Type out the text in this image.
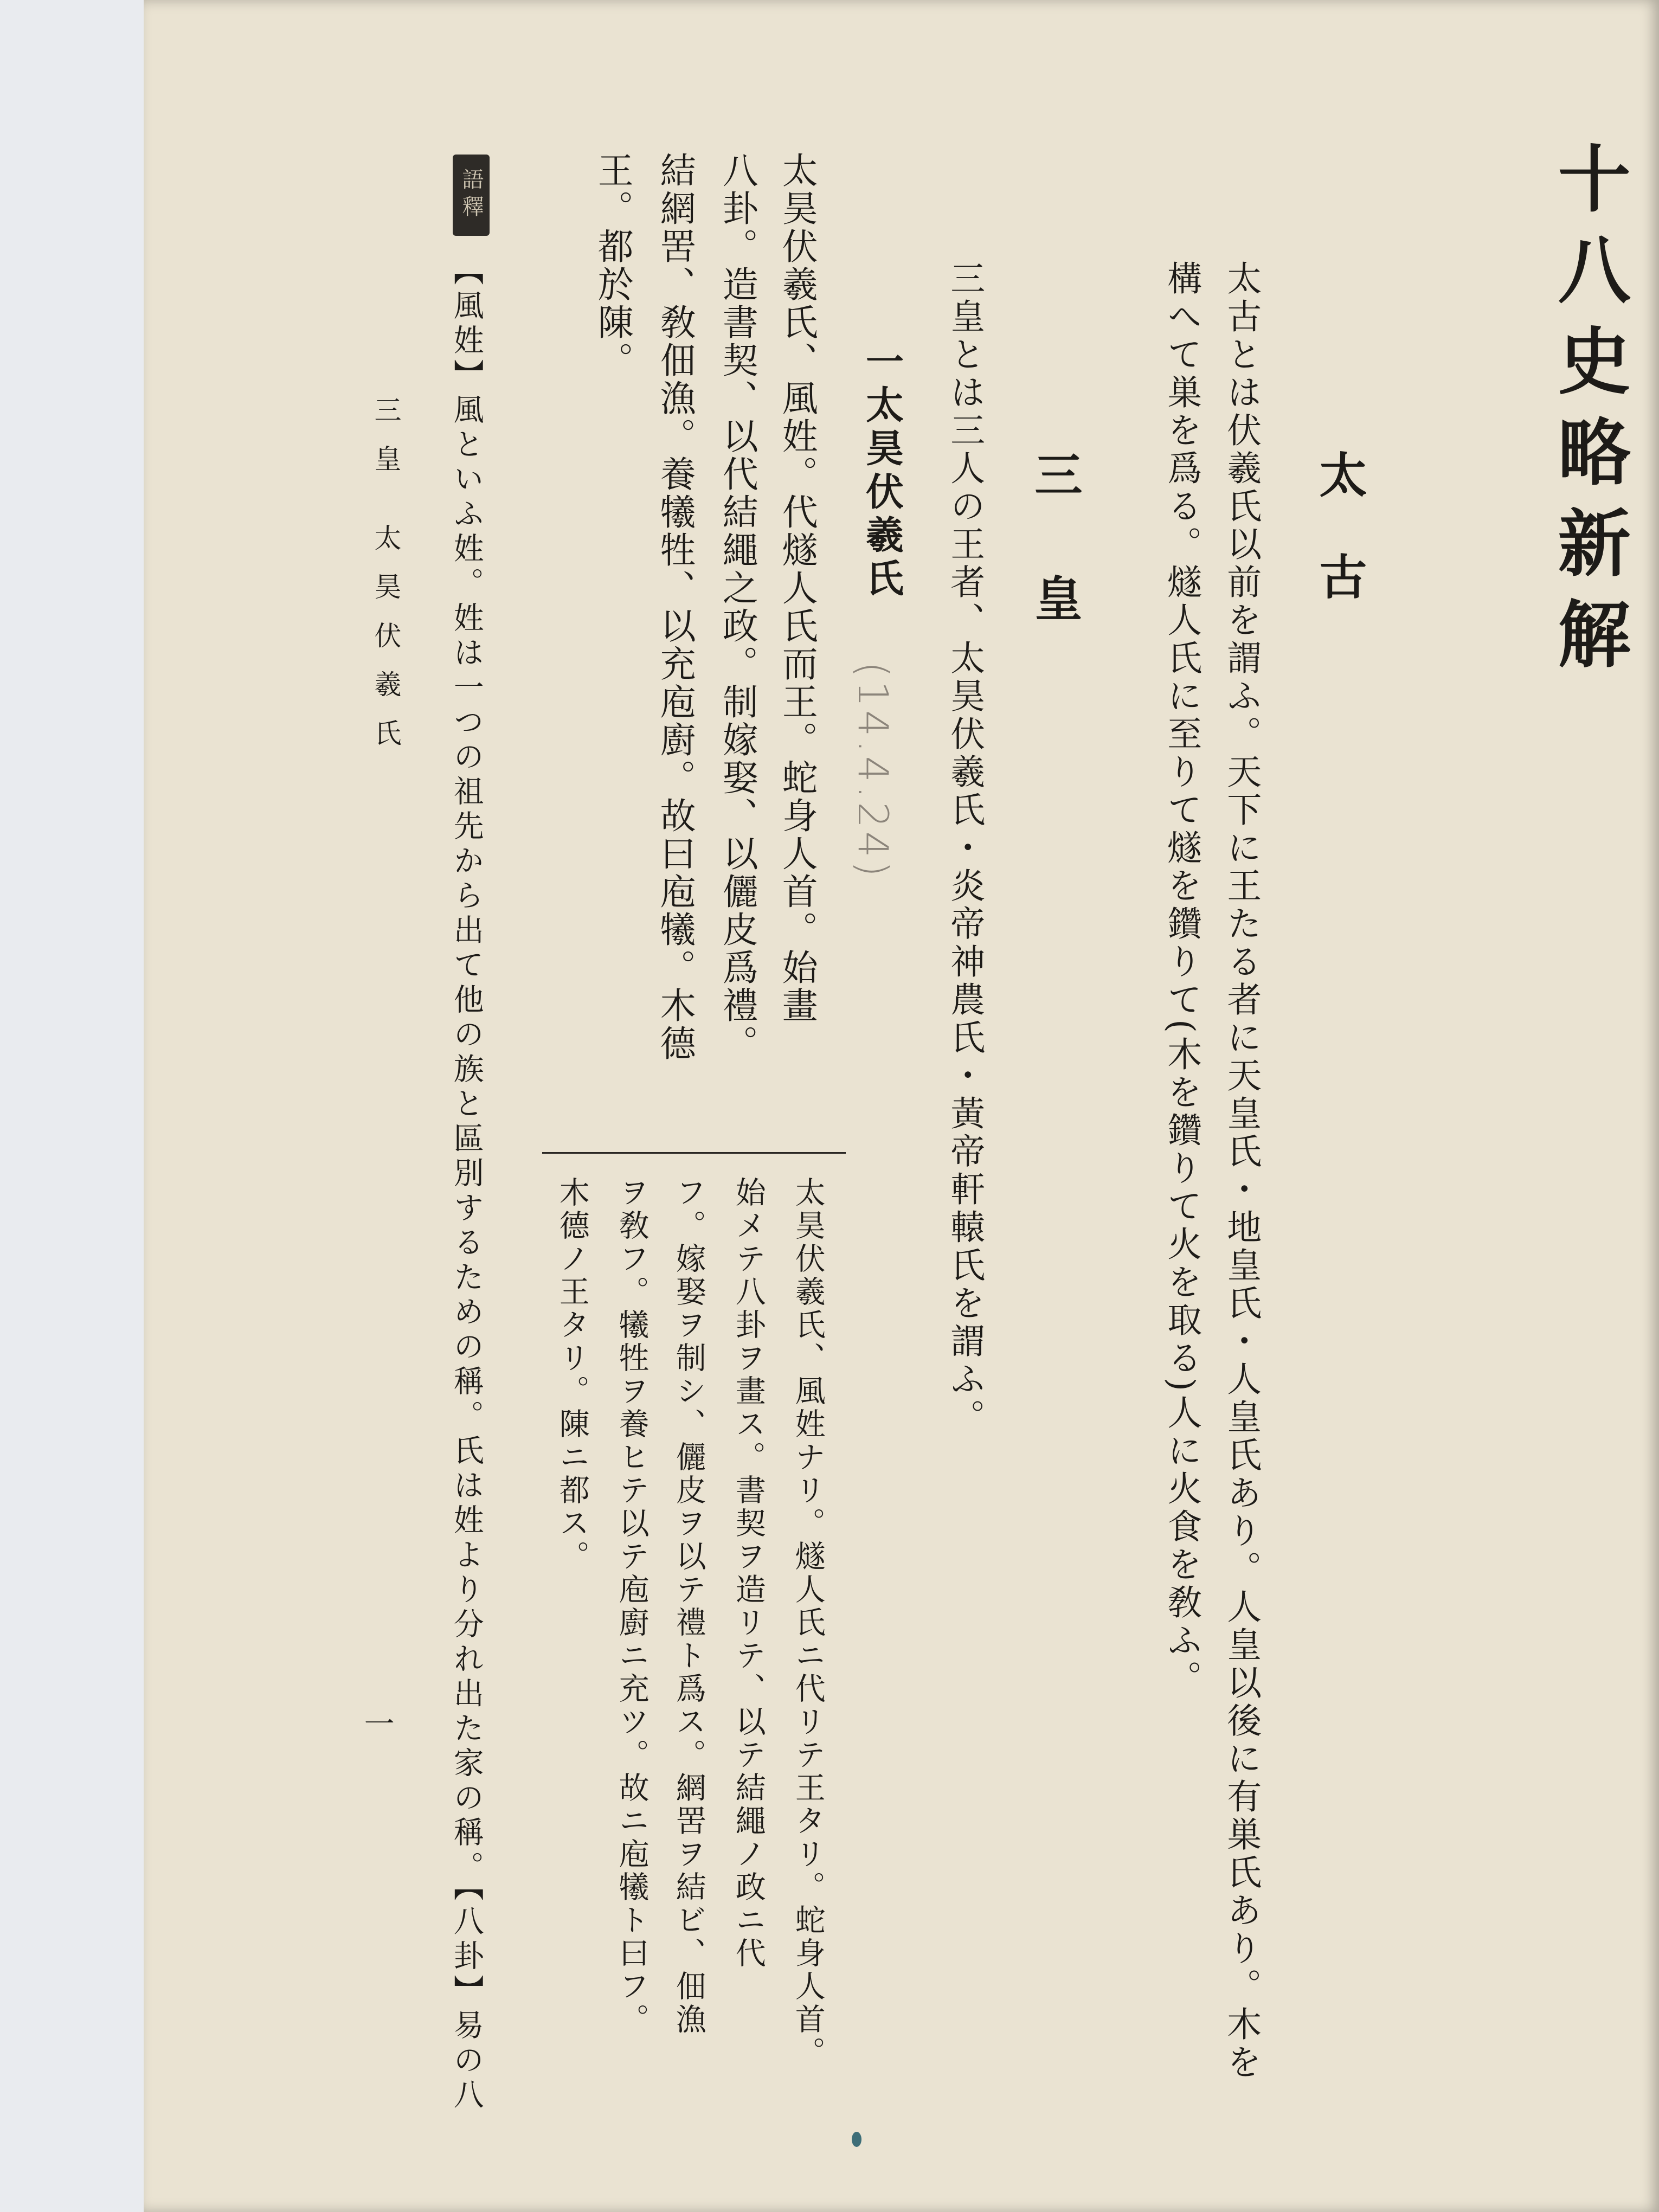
十八史略新解
太古
太古とは伏羲氏以前を謂ふ。天下に王たる者に天皇氏・地皇氏・人皇氏あり。人皇以後に有巣氏あり。木を
構へて巣を爲る。燧人氏に至りて燧を鑽りて(木を鑽りて火を取る)人に火食を敎ふ。
三皇
三皇とは三人の王者、太昊伏羲氏・炎帝神農氏・黃帝軒轅氏を謂ふ。
一太昊伏羲氏
(14.4.24)
太昊伏羲氏、風姓。代燧人氏而王。蛇身人首。始畫
八卦。造書契、以代結繩之政。制嫁娶、以儷皮爲禮。
結網罟、敎佃漁。養犧牲、以充庖廚。故曰庖犧。木德
王。都於陳。
太昊伏羲氏、風姓ナリ。燧人氏ニ代リテ王タリ。蛇身人首。
始メテ八卦ヲ畫ス。書契ヲ造リテ、以テ結繩ノ政ニ代
フ。嫁娶ヲ制シ、儷皮ヲ以テ禮ト爲ス。網罟ヲ結ビ、佃漁
ヲ敎フ。犧牲ヲ養ヒテ以テ庖廚ニ充ツ。故ニ庖犧ト曰フ。
木德ノ王タリ。陳ニ都ス。
語釋
【風姓】風といふ姓。姓は一つの祖先から出て他の族と區別するための稱。氏は姓より分れ出た家の稱。【八卦】易の八
三皇 太昊伏羲氏
一
